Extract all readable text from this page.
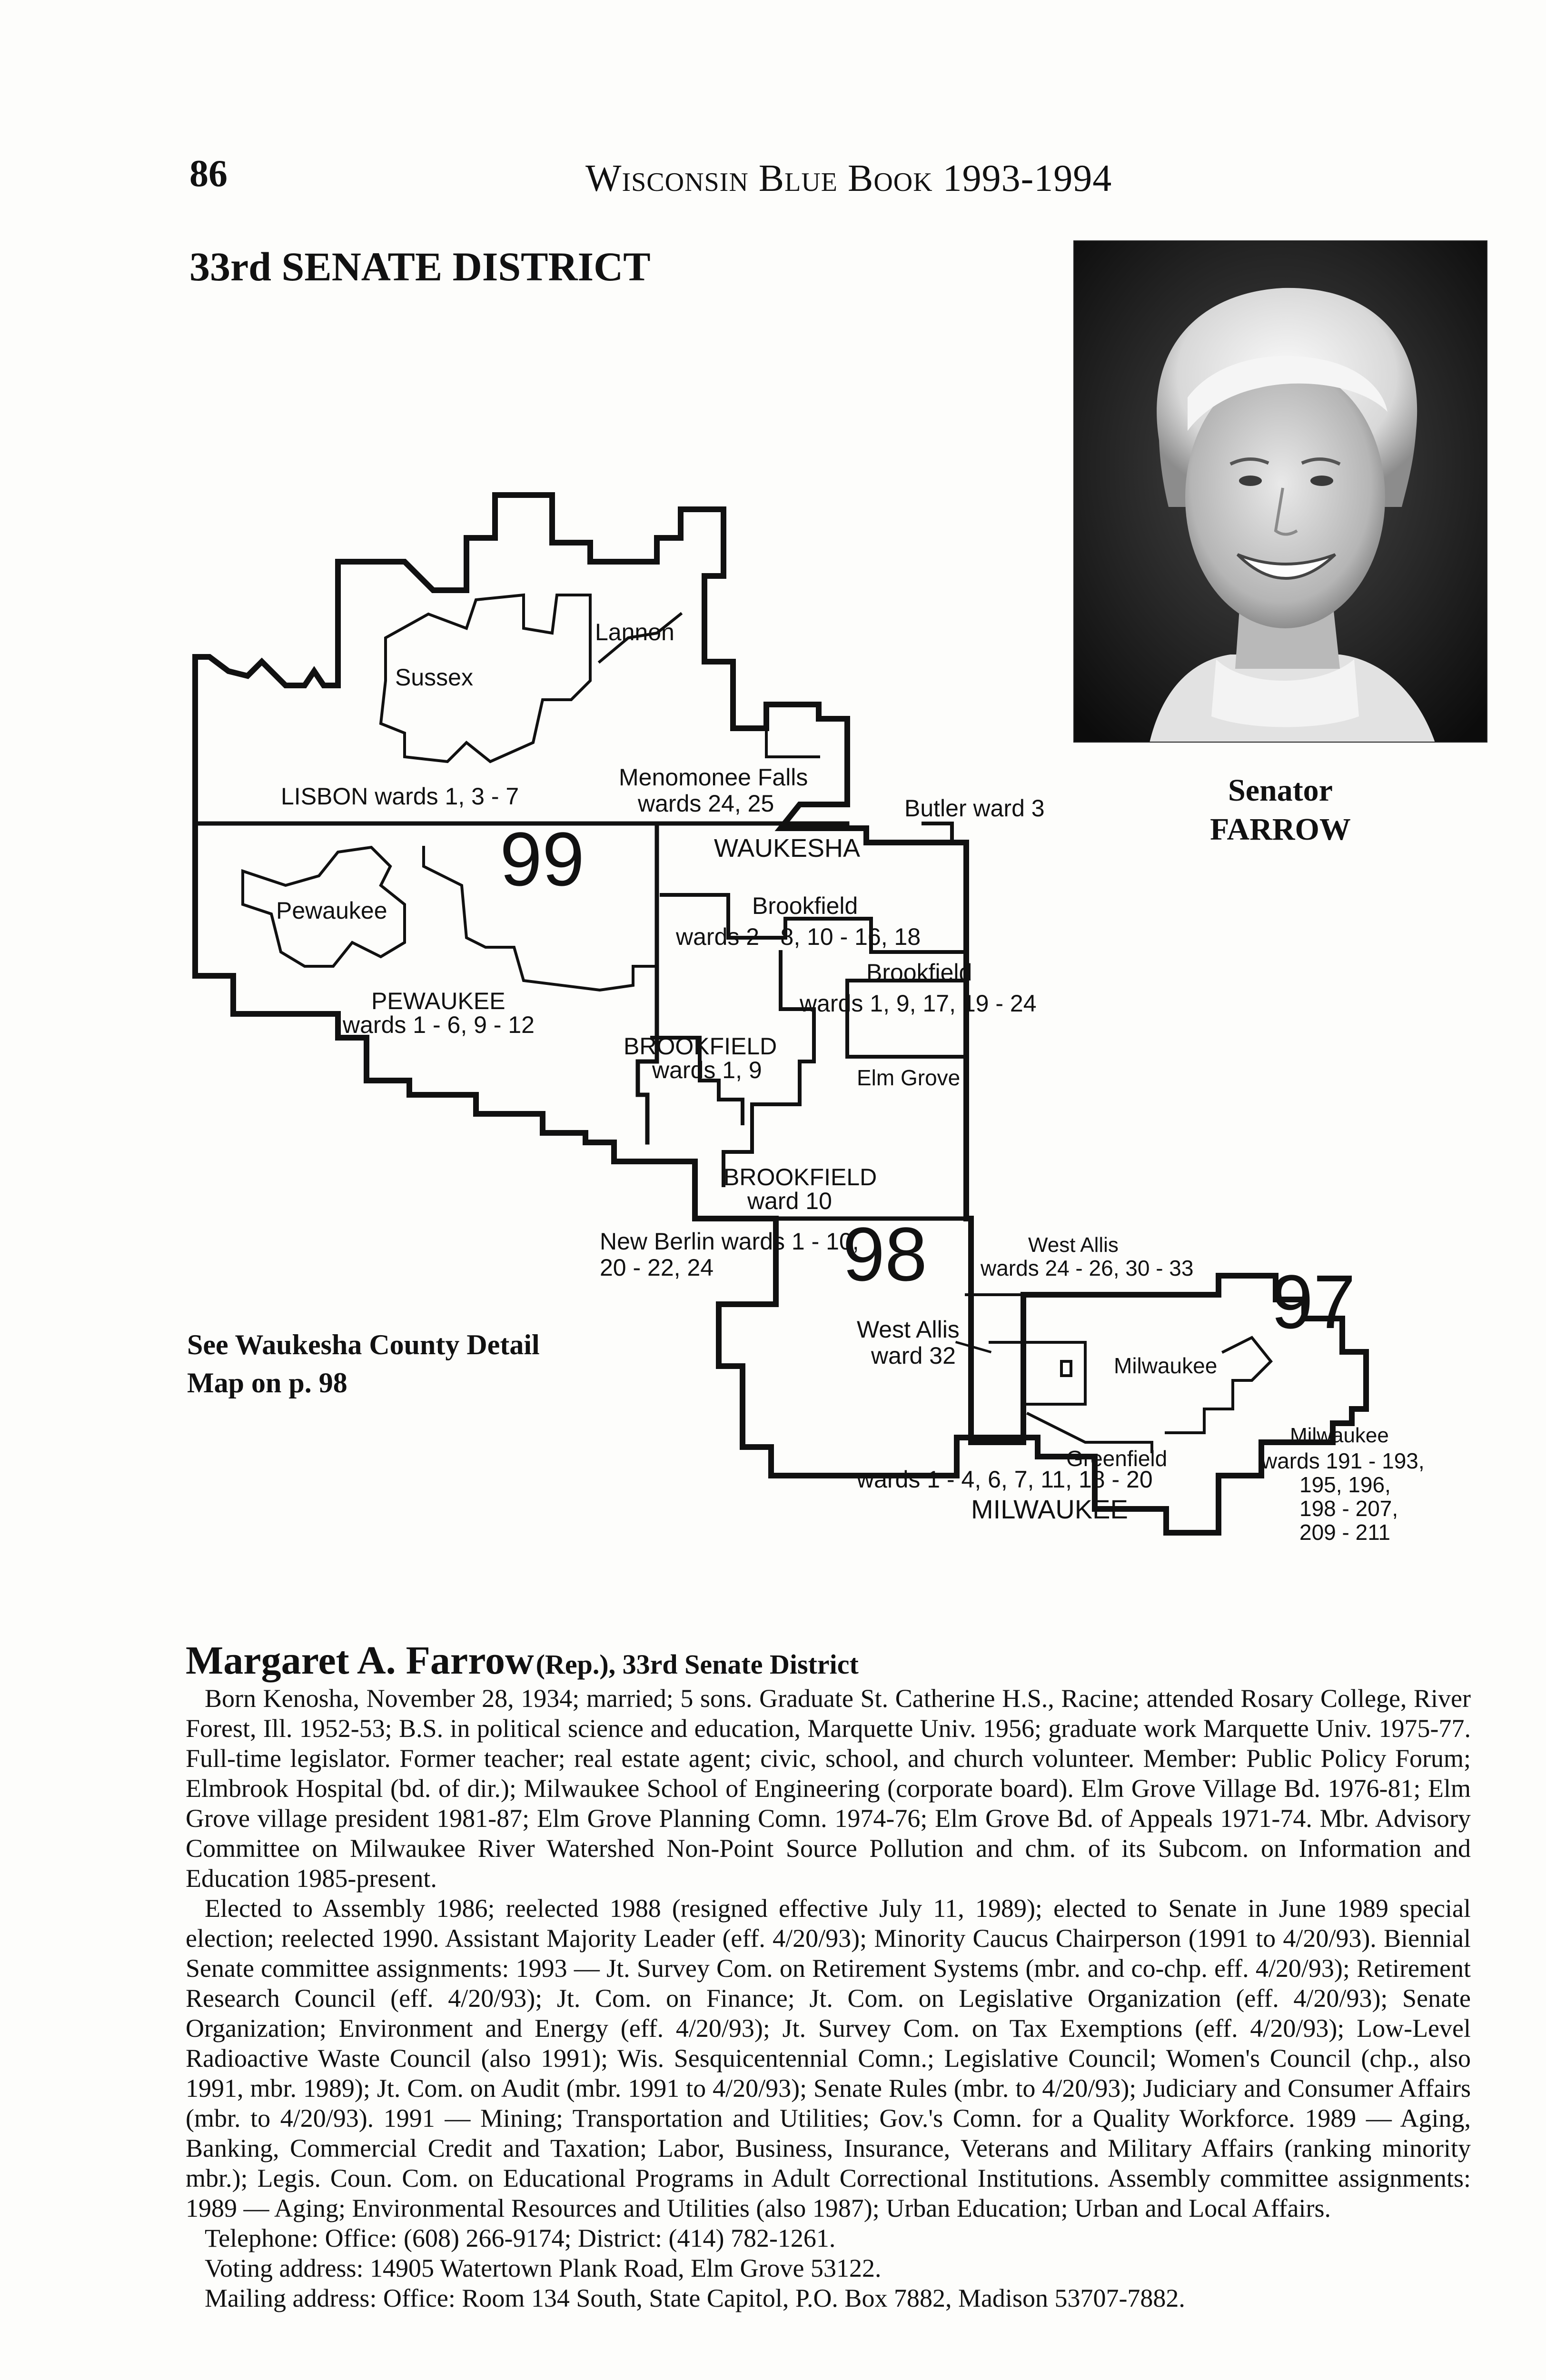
86	Wisconsin Blue Book 1993-1994
33rd SENATE DISTRICT
Senator
FARROW
99
98
97
Lannon
Sussex
LISBON wards 1, 3 - 7
Menomonee Falls
wards 24, 25	Butler ward 3
WAUKESHA
Pewaukee	Brookfield
wards 2 - 8, 10 - 16, 18
Brookfield
wards 1, 9, 17, 19 - 24
PEWAUKEE
wards 1 - 6, 9 - 12
BROOKFIELD
wards 1, 9	Elm Grove
BROOKFIELD
ward 10
New Berlin wards 1 - 10,
20 - 22, 24
West Allis
wards 24 - 26, 30 - 33
West Allis
ward 32	Milwaukee
Milwaukee
wards 191 - 193,
195, 196,
198 - 207,
209 - 211
Greenfield
wards 1 - 4, 6, 7, 11, 18 - 20
MILWAUKEE
See Waukesha County Detail
Map on p. 98
Margaret A. Farrow (Rep.), 33rd Senate District

Born Kenosha, November 28, 1934; married; 5 sons. Graduate St. Catherine H.S., Racine; attended Rosary College, River Forest, Ill. 1952-53; B.S. in political science and education, Marquette Univ. 1956; graduate work Marquette Univ. 1975-77. Full-time legislator. Former teacher; real estate agent; civic, school, and church volunteer. Member: Public Policy Forum; Elmbrook Hospital (bd. of dir.); Milwaukee School of Engineering (corporate board). Elm Grove Village Bd. 1976-81; Elm Grove village president 1981-87; Elm Grove Planning Comn. 1974-76; Elm Grove Bd. of Appeals 1971-74. Mbr. Advisory Committee on Milwaukee River Watershed Non-Point Source Pollution and chm. of its Subcom. on Information and Education 1985-present.

Elected to Assembly 1986; reelected 1988 (resigned effective July 11, 1989); elected to Senate in June 1989 special election; reelected 1990. Assistant Majority Leader (eff. 4/20/93); Minority Caucus Chairperson (1991 to 4/20/93). Biennial Senate committee assignments: 1993 — Jt. Survey Com. on Retirement Systems (mbr. and co-chp. eff. 4/20/93); Retirement Research Council (eff. 4/20/93); Jt. Com. on Finance; Jt. Com. on Legislative Organization (eff. 4/20/93); Senate Organization; Environment and Energy (eff. 4/20/93); Jt. Survey Com. on Tax Exemptions (eff. 4/20/93); Low-Level Radioactive Waste Council (also 1991); Wis. Sesquicentennial Comn.; Legislative Council; Women's Council (chp., also 1991, mbr. 1989); Jt. Com. on Audit (mbr. 1991 to 4/20/93); Senate Rules (mbr. to 4/20/93); Judiciary and Consumer Affairs (mbr. to 4/20/93). 1991 — Mining; Transportation and Utilities; Gov.'s Comn. for a Quality Workforce. 1989 — Aging, Banking, Commercial Credit and Taxation; Labor, Business, Insurance, Veterans and Military Affairs (ranking minority mbr.); Legis. Coun. Com. on Educational Programs in Adult Correctional Institutions. Assembly committee assignments: 1989 — Aging; Environmental Resources and Utilities (also 1987); Urban Education; Urban and Local Affairs.

Telephone: Office: (608) 266-9174; District: (414) 782-1261.

Voting address: 14905 Watertown Plank Road, Elm Grove 53122.

Mailing address: Office: Room 134 South, State Capitol, P.O. Box 7882, Madison 53707-7882.
